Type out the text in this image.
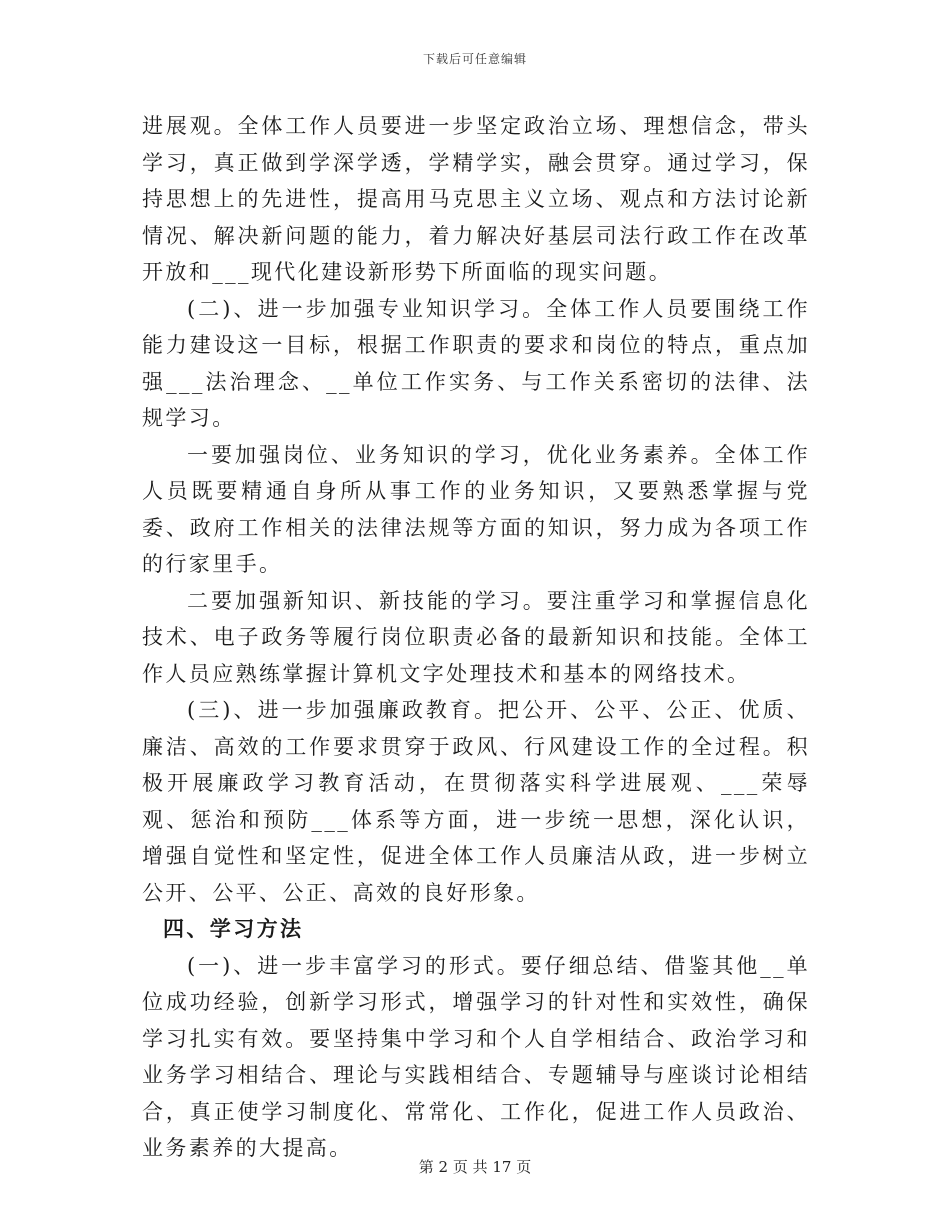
下载后可任意编辑

进展观。全体工作人员要进一步坚定政治立场、理想信念，带头学习，真正做到学深学透，学精学实，融会贯穿。通过学习，保持思想上的先进性，提高用马克思主义立场、观点和方法讨论新情况、解决新问题的能力，着力解决好基层司法行政工作在改革开放和___现代化建设新形势下所面临的现实问题。

(二)、进一步加强专业知识学习。全体工作人员要围绕工作能力建设这一目标，根据工作职责的要求和岗位的特点，重点加强___法治理念、__单位工作实务、与工作关系密切的法律、法规学习。

一要加强岗位、业务知识的学习，优化业务素养。全体工作人员既要精通自身所从事工作的业务知识，又要熟悉掌握与党委、政府工作相关的法律法规等方面的知识，努力成为各项工作的行家里手。

二要加强新知识、新技能的学习。要注重学习和掌握信息化技术、电子政务等履行岗位职责必备的最新知识和技能。全体工作人员应熟练掌握计算机文字处理技术和基本的网络技术。

(三)、进一步加强廉政教育。把公开、公平、公正、优质、廉洁、高效的工作要求贯穿于政风、行风建设工作的全过程。积极开展廉政学习教育活动，在贯彻落实科学进展观、___荣辱观、惩治和预防___体系等方面，进一步统一思想，深化认识，增强自觉性和坚定性，促进全体工作人员廉洁从政，进一步树立公开、公平、公正、高效的良好形象。

四、学习方法

(一)、进一步丰富学习的形式。要仔细总结、借鉴其他__单位成功经验，创新学习形式，增强学习的针对性和实效性，确保学习扎实有效。要坚持集中学习和个人自学相结合、政治学习和业务学习相结合、理论与实践相结合、专题辅导与座谈讨论相结合，真正使学习制度化、常常化、工作化，促进工作人员政治、业务素养的大提高。

第 2 页 共 17 页
